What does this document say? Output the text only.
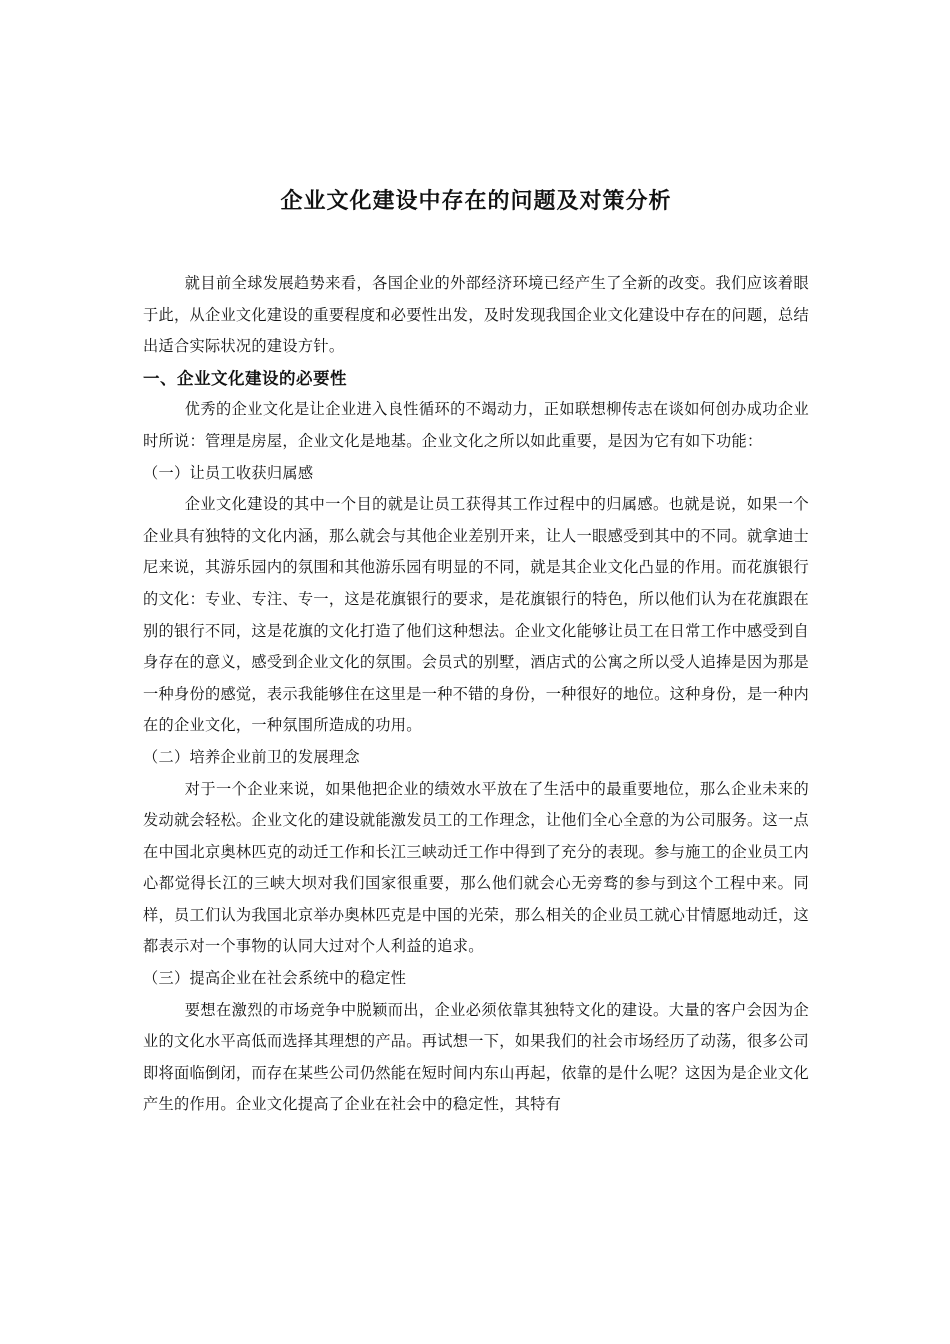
企业文化建设中存在的问题及对策分析

就目前全球发展趋势来看，各国企业的外部经济环境已经产生了全新的改变。我们应该着眼于此，从企业文化建设的重要程度和必要性出发，及时发现我国企业文化建设中存在的问题，总结出适合实际状况的建设方针。

一、企业文化建设的必要性

优秀的企业文化是让企业进入良性循环的不竭动力，正如联想柳传志在谈如何创办成功企业时所说：管理是房屋，企业文化是地基。企业文化之所以如此重要，是因为它有如下功能：

（一）让员工收获归属感

企业文化建设的其中一个目的就是让员工获得其工作过程中的归属感。也就是说，如果一个企业具有独特的文化内涵，那么就会与其他企业差别开来，让人一眼感受到其中的不同。就拿迪士尼来说，其游乐园内的氛围和其他游乐园有明显的不同，就是其企业文化凸显的作用。而花旗银行的文化：专业、专注、专一，这是花旗银行的要求，是花旗银行的特色，所以他们认为在花旗跟在别的银行不同，这是花旗的文化打造了他们这种想法。企业文化能够让员工在日常工作中感受到自身存在的意义，感受到企业文化的氛围。会员式的别墅，酒店式的公寓之所以受人追捧是因为那是一种身份的感觉，表示我能够住在这里是一种不错的身份，一种很好的地位。这种身份，是一种内在的企业文化，一种氛围所造成的功用。

（二）培养企业前卫的发展理念

对于一个企业来说，如果他把企业的绩效水平放在了生活中的最重要地位，那么企业未来的发动就会轻松。企业文化的建设就能激发员工的工作理念，让他们全心全意的为公司服务。这一点在中国北京奥林匹克的动迁工作和长江三峡动迁工作中得到了充分的表现。参与施工的企业员工内心都觉得长江的三峡大坝对我们国家很重要，那么他们就会心无旁骛的参与到这个工程中来。同样，员工们认为我国北京举办奥林匹克是中国的光荣，那么相关的企业员工就心甘情愿地动迁，这都表示对一个事物的认同大过对个人利益的追求。

（三）提高企业在社会系统中的稳定性

要想在激烈的市场竞争中脱颖而出，企业必须依靠其独特文化的建设。大量的客户会因为企业的文化水平高低而选择其理想的产品。再试想一下，如果我们的社会市场经历了动荡，很多公司即将面临倒闭，而存在某些公司仍然能在短时间内东山再起，依靠的是什么呢？这因为是企业文化产生的作用。企业文化提高了企业在社会中的稳定性，其特有
